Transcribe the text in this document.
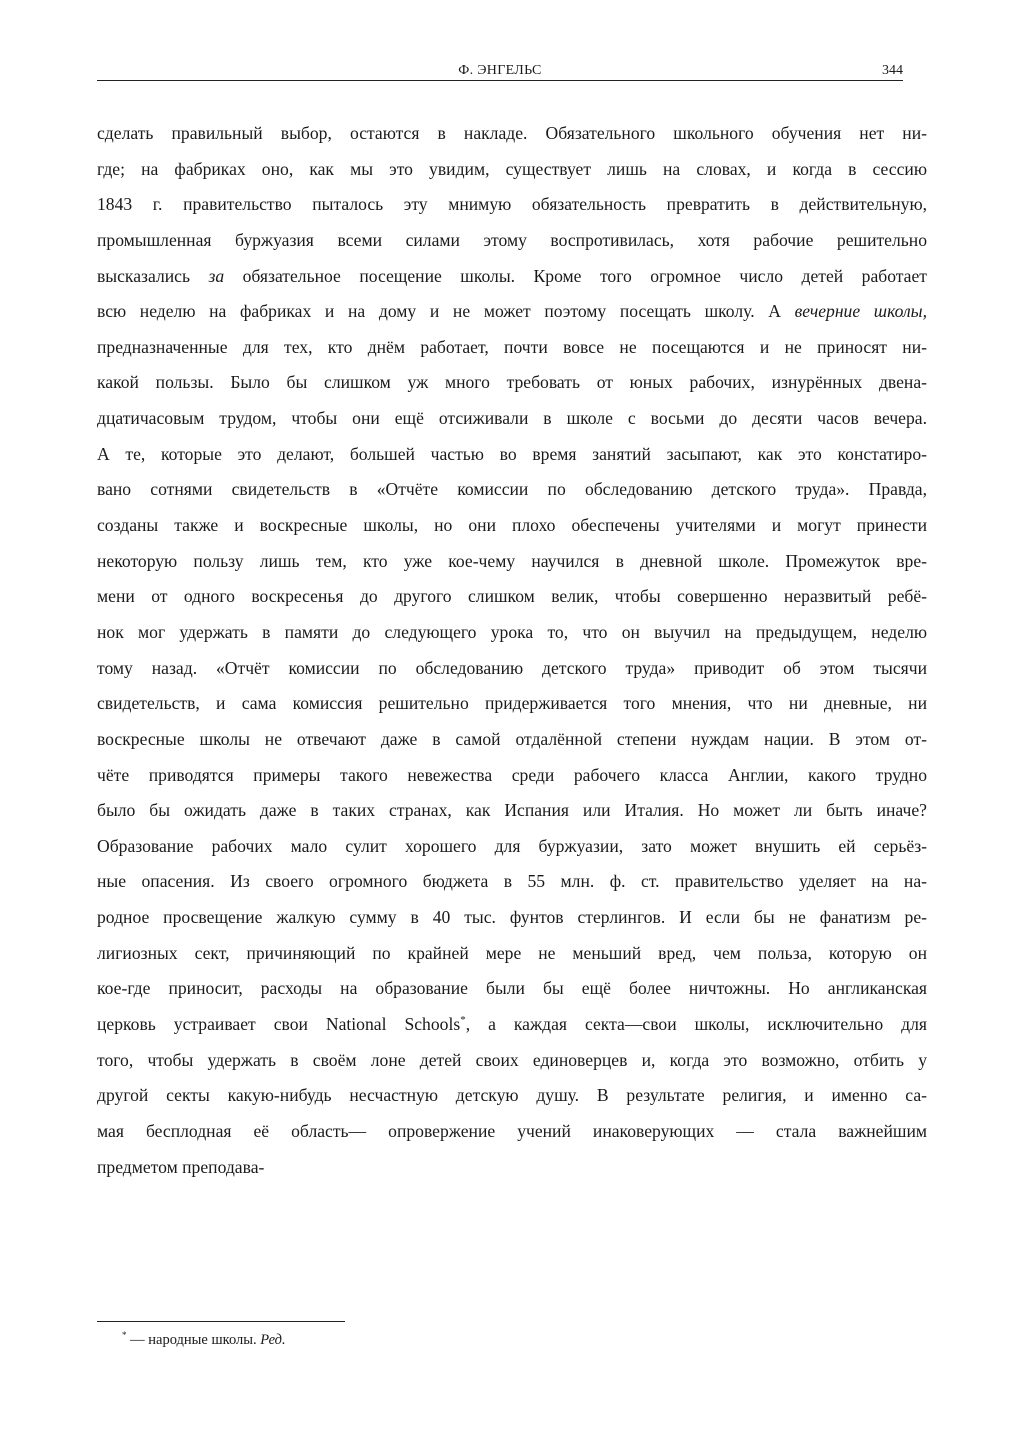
Ф. ЭНГЕЛЬС	344
сделать правильный выбор, остаются в накладе. Обязательного школьного обучения нет ни-
где; на фабриках оно, как мы это увидим, существует лишь на словах, и когда в сессию
1843 г. правительство пыталось эту мнимую обязательность превратить в действительную,
промышленная буржуазия всеми силами этому воспротивилась, хотя рабочие решительно
высказались за обязательное посещение школы. Кроме того огромное число детей работает
всю неделю на фабриках и на дому и не может поэтому посещать школу. А вечерние школы,
предназначенные для тех, кто днём работает, почти вовсе не посещаются и не приносят ни-
какой пользы. Было бы слишком уж много требовать от юных рабочих, изнурённых двена-
дцатичасовым трудом, чтобы они ещё отсиживали в школе с восьми до десяти часов вечера.
А те, которые это делают, большей частью во время занятий засыпают, как это констатиро-
вано сотнями свидетельств в «Отчёте комиссии по обследованию детского труда». Правда,
созданы также и воскресные школы, но они плохо обеспечены учителями и могут принести
некоторую пользу лишь тем, кто уже кое-чему научился в дневной школе. Промежуток вре-
мени от одного воскресенья до другого слишком велик, чтобы совершенно неразвитый ребё-
нок мог удержать в памяти до следующего урока то, что он выучил на предыдущем, неделю
тому назад. «Отчёт комиссии по обследованию детского труда» приводит об этом тысячи
свидетельств, и сама комиссия решительно придерживается того мнения, что ни дневные, ни
воскресные школы не отвечают даже в самой отдалённой степени нуждам нации. В этом от-
чёте приводятся примеры такого невежества среди рабочего класса Англии, какого трудно
было бы ожидать даже в таких странах, как Испания или Италия. Но может ли быть иначе?
Образование рабочих мало сулит хорошего для буржуазии, зато может внушить ей серьёз-
ные опасения. Из своего огромного бюджета в 55 млн. ф. ст. правительство уделяет на на-
родное просвещение жалкую сумму в 40 тыс. фунтов стерлингов. И если бы не фанатизм ре-
лигиозных сект, причиняющий по крайней мере не меньший вред, чем польза, которую он
кое-где приносит, расходы на образование были бы ещё более ничтожны. Но англиканская
церковь устраивает свои National Schools*, а каждая секта—свои школы, исключительно для
того, чтобы удержать в своём лоне детей своих единоверцев и, когда это возможно, отбить у
другой секты какую-нибудь несчастную детскую душу. В результате религия, и именно са-
мая бесплодная её область— опровержение учений инаковерующих — стала важнейшим
предметом преподава-
* — народные школы. Ред.
